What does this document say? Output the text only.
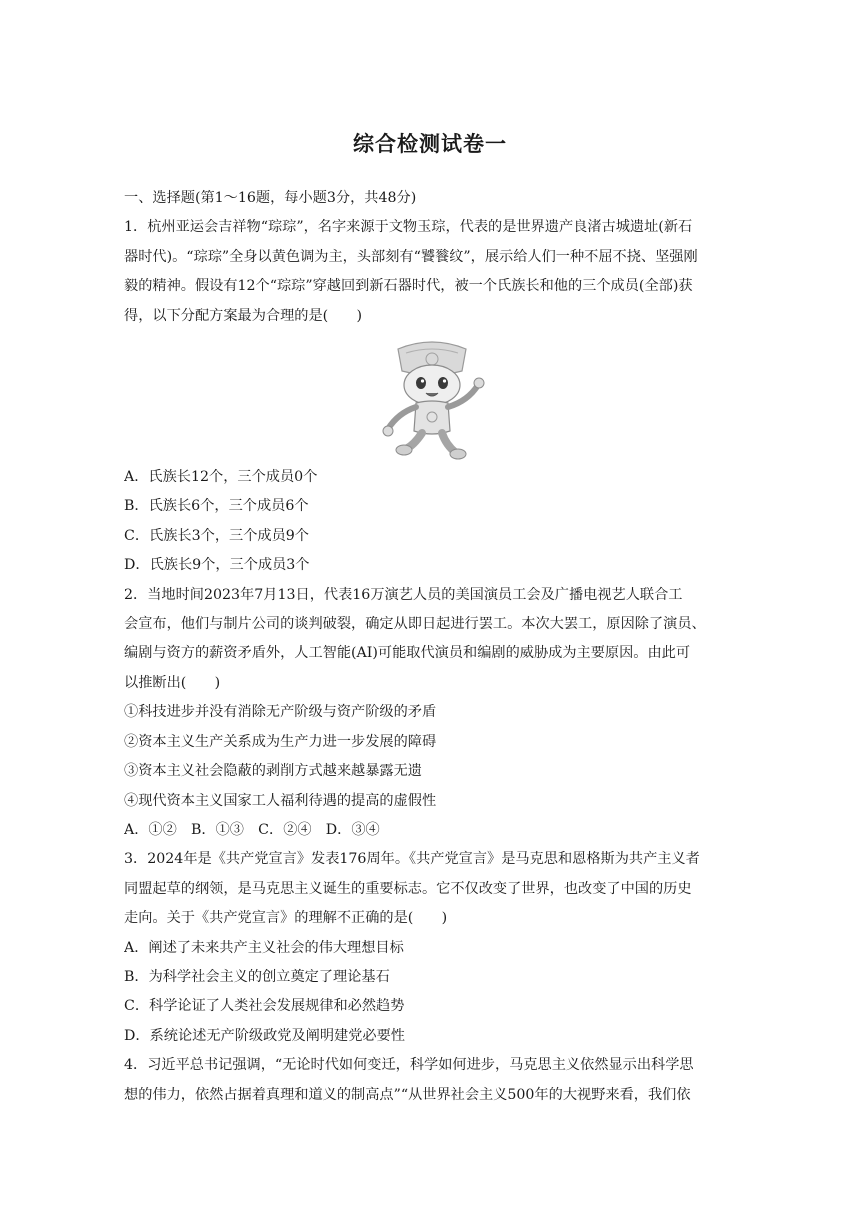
综合检测试卷一
一、选择题(第1～16题，每小题3分，共48分)
1．杭州亚运会吉祥物“琮琮”，名字来源于文物玉琮，代表的是世界遗产良渚古城遗址(新石
器时代)。“琮琮”全身以黄色调为主，头部刻有“饕餮纹”，展示给人们一种不屈不挠、坚强刚
毅的精神。假设有12个“琮琮”穿越回到新石器时代，被一个氏族长和他的三个成员(全部)获
得，以下分配方案最为合理的是(　　)
A．氏族长12个，三个成员0个
B．氏族长6个，三个成员6个
C．氏族长3个，三个成员9个
D．氏族长9个，三个成员3个
2．当地时间2023年7月13日，代表16万演艺人员的美国演员工会及广播电视艺人联合工
会宣布，他们与制片公司的谈判破裂，确定从即日起进行罢工。本次大罢工，原因除了演员、
编剧与资方的薪资矛盾外，人工智能(AI)可能取代演员和编剧的威胁成为主要原因。由此可
以推断出(　　)
①科技进步并没有消除无产阶级与资产阶级的矛盾
②资本主义生产关系成为生产力进一步发展的障碍
③资本主义社会隐蔽的剥削方式越来越暴露无遗
④现代资本主义国家工人福利待遇的提高的虚假性
A．①②　B．①③　C．②④　D．③④
3．2024年是《共产党宣言》发表176周年。《共产党宣言》是马克思和恩格斯为共产主义者
同盟起草的纲领，是马克思主义诞生的重要标志。它不仅改变了世界，也改变了中国的历史
走向。关于《共产党宣言》的理解不正确的是(　　)
A．阐述了未来共产主义社会的伟大理想目标
B．为科学社会主义的创立奠定了理论基石
C．科学论证了人类社会发展规律和必然趋势
D．系统论述无产阶级政党及阐明建党必要性
4．习近平总书记强调，“无论时代如何变迁，科学如何进步，马克思主义依然显示出科学思
想的伟力，依然占据着真理和道义的制高点”“从世界社会主义500年的大视野来看，我们依
